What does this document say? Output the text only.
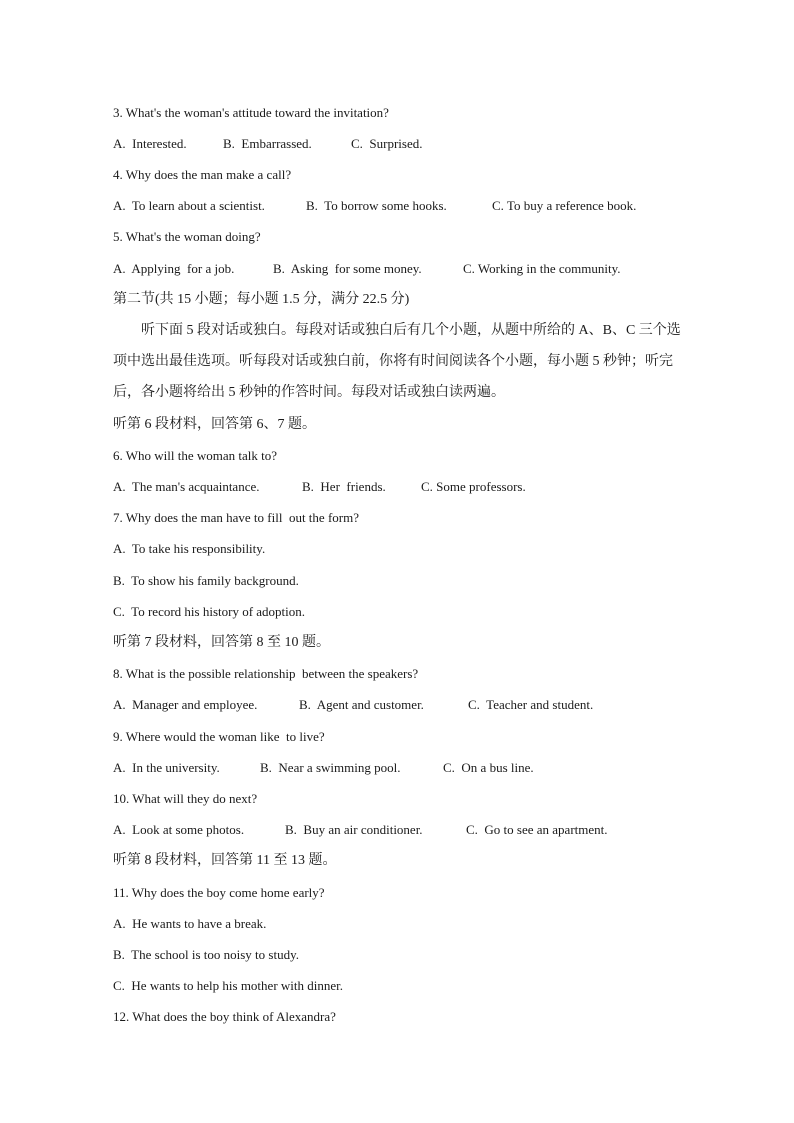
3. What's the woman's attitude toward the invitation?

A.  Interested.

	B.  Embarrassed.

	C.  Surprised.

4. Why does the man make a call?

A.  To learn about a scientist.

	B.  To borrow some hooks.

	C. To buy a reference book.

5. What's the woman doing?

A.  Applying  for a job.

	B.  Asking  for some money.

	C. Working in the community.

第二节(共 15 小题；每小题 1.5 分，满分 22.5 分)
听下面 5 段对话或独白。每段对话或独白后有几个小题，从题中所给的 A、B、C 三个选项中选出最佳选项。听每段对话或独白前，你将有时间阅读各个小题，每小题 5 秒钟；听完后，各小题将给出 5 秒钟的作答时间。每段对话或独白读两遍。
听第 6 段材料，回答第 6、7 题。
6. Who will the woman talk to?

A.  The man's acquaintance.

	B.  Her  friends.

	C. Some professors.

7. Why does the man have to fill  out the form?
A.  To take his responsibility.
B.  To show his family background.
C.  To record his history of adoption.
听第 7 段材料，回答第 8 至 10 题。
8. What is the possible relationship  between the speakers?

A.  Manager and employee.

	B.  Agent and customer.

	C.  Teacher and student.

9. Where would the woman like  to live?

A.  In the university.

	B.  Near a swimming pool.

	C.  On a bus line.

10. What will they do next?

A.  Look at some photos.

	B.  Buy an air conditioner.

	C.  Go to see an apartment.

听第 8 段材料，回答第 11 至 13 题。
11. Why does the boy come home early?
A.  He wants to have a break.
B.  The school is too noisy to study.
C.  He wants to help his mother with dinner.
12. What does the boy think of Alexandra?
